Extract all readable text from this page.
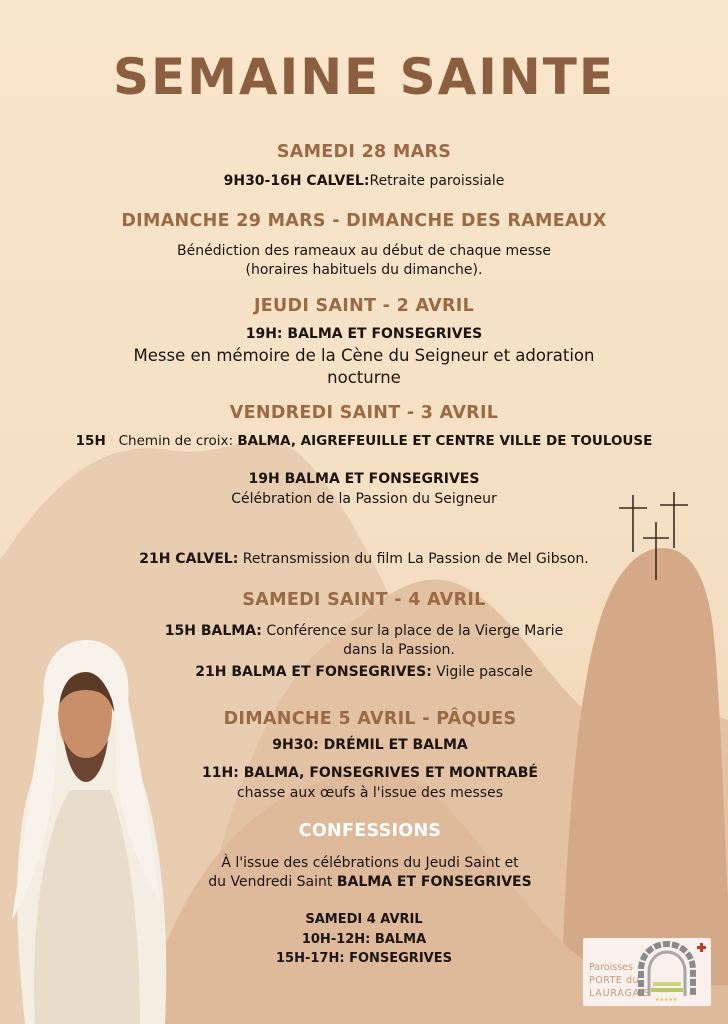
SEMAINE SAINTE
SAMEDI 28 MARS
9H30-16H CALVEL:Retraite paroissiale
DIMANCHE 29 MARS - DIMANCHE DES RAMEAUX
Bénédiction des rameaux au début de chaque messe
(horaires habituels du dimanche).
JEUDI SAINT - 2 AVRIL
19H: BALMA ET FONSEGRIVES
Messe en mémoire de la Cène du Seigneur et adoration
nocturne
VENDREDI SAINT - 3 AVRIL
15H Chemin de croix: BALMA, AIGREFEUILLE ET CENTRE VILLE DE TOULOUSE
19H BALMA ET FONSEGRIVES
Célébration de la Passion du Seigneur
21H CALVEL: Retransmission du film La Passion de Mel Gibson.
SAMEDI SAINT - 4 AVRIL
15H BALMA: Conférence sur la place de la Vierge Marie
dans la Passion.
21H BALMA ET FONSEGRIVES: Vigile pascale
DIMANCHE 5 AVRIL - PÂQUES
9H30: DRÉMIL ET BALMA
11H: BALMA, FONSEGRIVES ET MONTRABÉ
chasse aux œufs à l'issue des messes
CONFESSIONS
À l'issue des célébrations du Jeudi Saint et
du Vendredi Saint BALMA ET FONSEGRIVES
SAMEDI 4 AVRIL
10H-12H: BALMA
15H-17H: FONSEGRIVES
★★★★★
Paroisses
PORTE du
LAURAGAIS
